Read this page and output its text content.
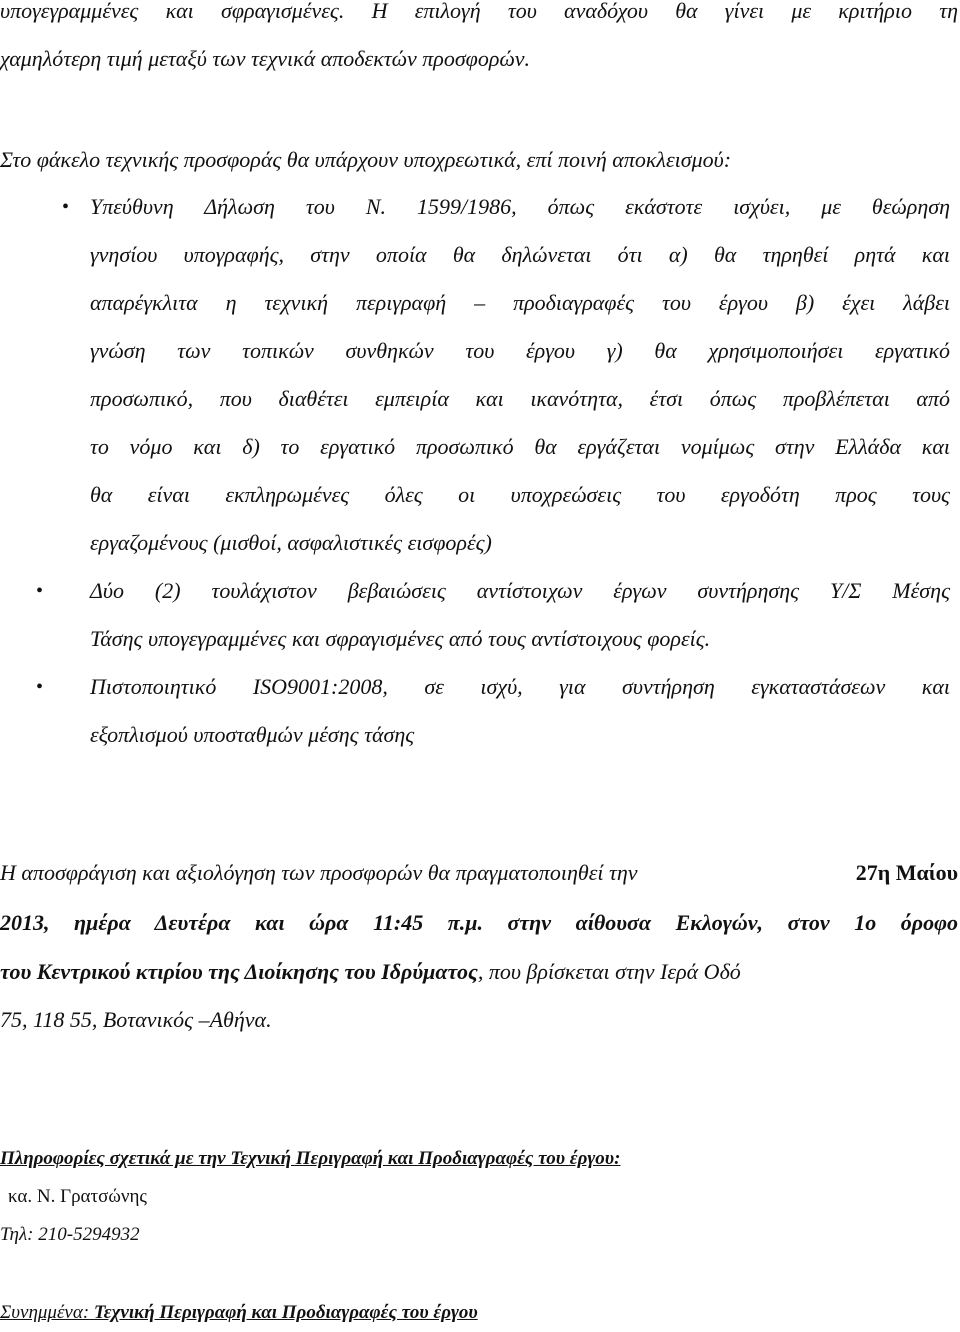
υπογεγραμμένες και σφραγισμένες. Η επιλογή του αναδόχου θα γίνει με κριτήριο τη
χαμηλότερη τιμή μεταξύ των τεχνικά αποδεκτών προσφορών.
Στο φάκελο τεχνικής προσφοράς θα υπάρχουν υποχρεωτικά, επί ποινή αποκλεισμού:
• Υπεύθυνη Δήλωση του Ν. 1599/1986, όπως εκάστοτε ισχύει, με θεώρηση
γνησίου υπογραφής, στην οποία θα δηλώνεται ότι α) θα τηρηθεί ρητά και
απαρέγκλιτα η τεχνική περιγραφή – προδιαγραφές του έργου β) έχει λάβει
γνώση των τοπικών συνθηκών του έργου γ) θα χρησιμοποιήσει εργατικό
προσωπικό, που διαθέτει εμπειρία και ικανότητα, έτσι όπως προβλέπεται από
το νόμο και δ) το εργατικό προσωπικό θα εργάζεται νομίμως στην Ελλάδα και
θα είναι εκπληρωμένες όλες οι υποχρεώσεις του εργοδότη προς τους
εργαζομένους (μισθοί, ασφαλιστικές εισφορές)
• Δύο (2) τουλάχιστον βεβαιώσεις αντίστοιχων έργων συντήρησης Υ/Σ Μέσης
Τάσης υπογεγραμμένες και σφραγισμένες από τους αντίστοιχους φορείς.
• Πιστοποιητικό ISO9001:2008, σε ισχύ, για συντήρηση εγκαταστάσεων και
εξοπλισμού υποσταθμών μέσης τάσης
Η αποσφράγιση και αξιολόγηση των προσφορών θα πραγματοποιηθεί την	27η Μαίου
2013, ημέρα Δευτέρα και ώρα 11:45 π.μ. στην αίθουσα Εκλογών, στον 1ο όροφο
του Κεντρικού κτιρίου της Διοίκησης του Ιδρύματος, που βρίσκεται στην Ιερά Οδό
75, 118 55, Βοτανικός –Αθήνα.
Πληροφορίες σχετικά με την Τεχνική Περιγραφή και Προδιαγραφές του έργου:
κα. Ν. Γρατσώνης
Τηλ: 210-5294932
Συνημμένα: Τεχνική Περιγραφή και Προδιαγραφές του έργου
